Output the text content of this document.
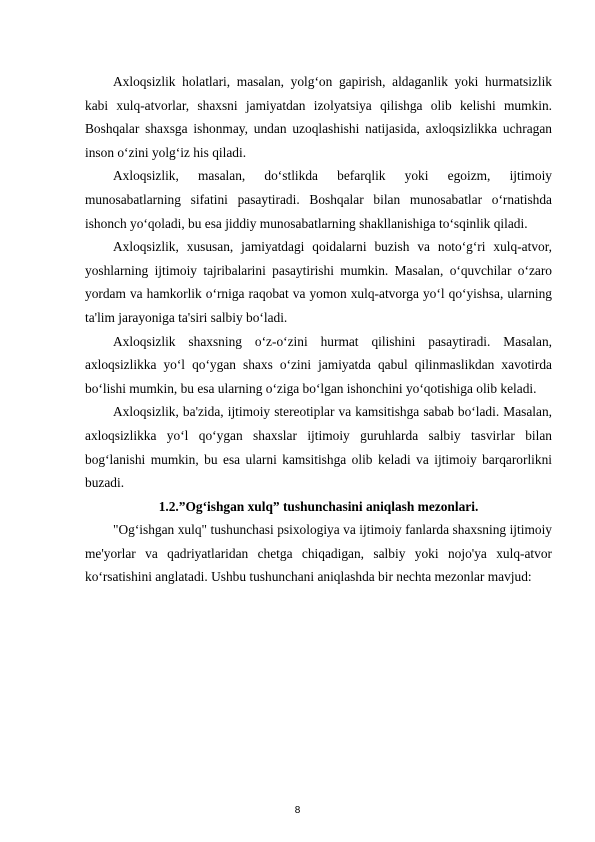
Axloqsizlik holatlari, masalan, yolg‘on gapirish, aldaganlik yoki hurmatsizlik kabi xulq-atvorlar, shaxsni jamiyatdan izolyatsiya qilishga olib kelishi mumkin. Boshqalar shaxsga ishonmay, undan uzoqlashishi natijasida, axloqsizlikka uchragan inson o‘zini yolg‘iz his qiladi.

Axloqsizlik, masalan, do‘stlikda befarqlik yoki egoizm, ijtimoiy munosabatlarning sifatini pasaytiradi. Boshqalar bilan munosabatlar o‘rnatishda ishonch yo‘qoladi, bu esa jiddiy munosabatlarning shakllanishiga to‘sqinlik qiladi.

Axloqsizlik, xususan, jamiyatdagi qoidalarni buzish va noto‘g‘ri xulq-atvor, yoshlarning ijtimoiy tajribalarini pasaytirishi mumkin. Masalan, o‘quvchilar o‘zaro yordam va hamkorlik o‘rniga raqobat va yomon xulq-atvorga yo‘l qo‘yishsa, ularning ta'lim jarayoniga ta'siri salbiy bo‘ladi.

Axloqsizlik shaxsning o‘z-o‘zini hurmat qilishini pasaytiradi. Masalan, axloqsizlikka yo‘l qo‘ygan shaxs o‘zini jamiyatda qabul qilinmaslikdan xavotirda bo‘lishi mumkin, bu esa ularning o‘ziga bo‘lgan ishonchini yo‘qotishiga olib keladi.

Axloqsizlik, ba'zida, ijtimoiy stereotiplar va kamsitishga sabab bo‘ladi. Masalan, axloqsizlikka yo‘l qo‘ygan shaxslar ijtimoiy guruhlarda salbiy tasvirlar bilan bog‘lanishi mumkin, bu esa ularni kamsitishga olib keladi va ijtimoiy barqarorlikni buzadi.

1.2.”Og‘ishgan xulq” tushunchasini aniqlash mezonlari.

"Og‘ishgan xulq" tushunchasi psixologiya va ijtimoiy fanlarda shaxsning ijtimoiy me'yorlar va qadriyatlaridan chetga chiqadigan, salbiy yoki nojo'ya xulq-atvor ko‘rsatishini anglatadi. Ushbu tushunchani aniqlashda bir nechta mezonlar mavjud:

8
